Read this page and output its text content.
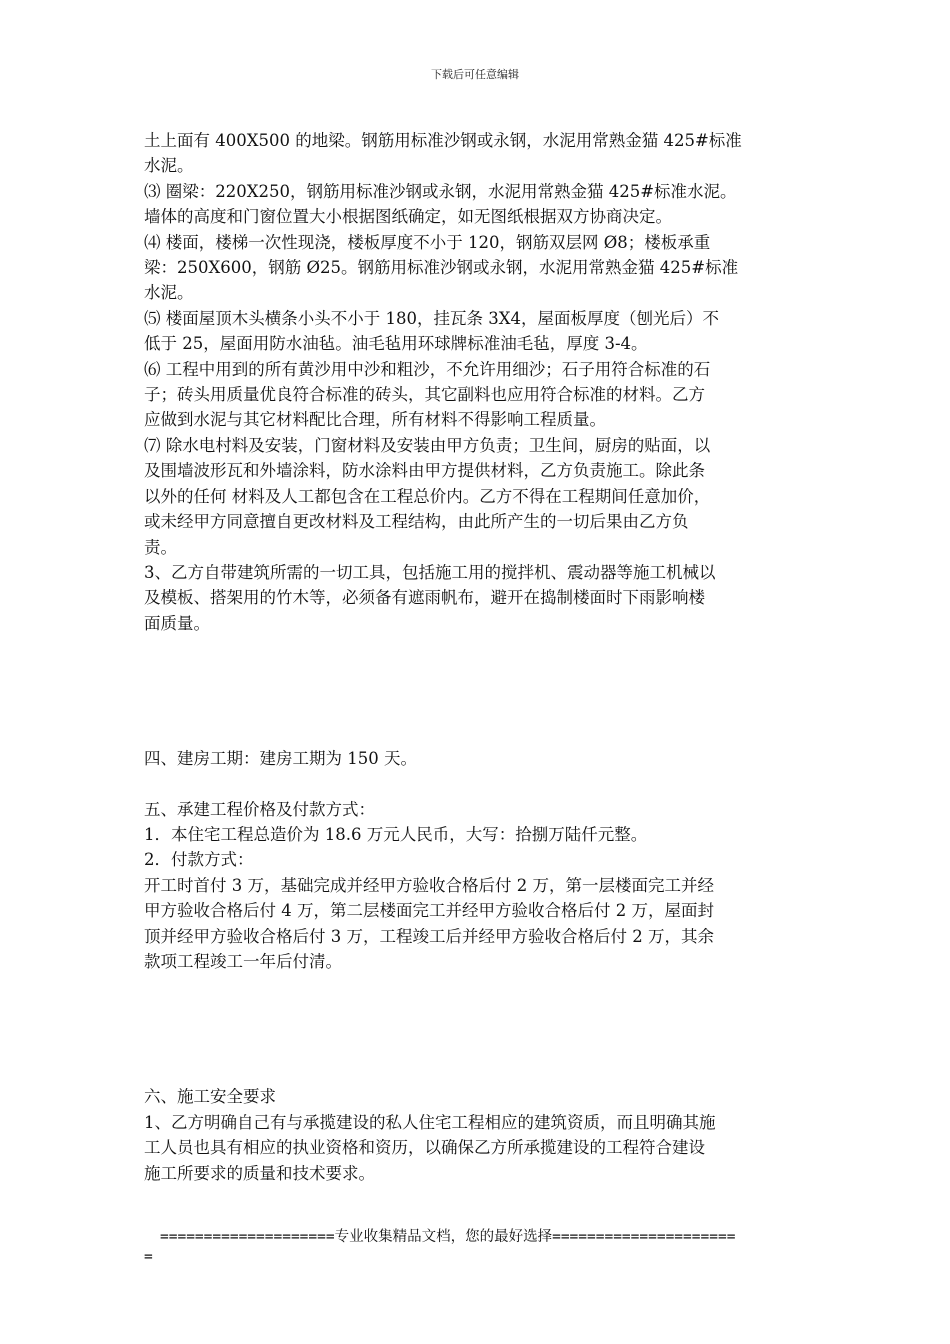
下载后可任意编辑

土上面有 400X500 的地梁。钢筋用标准沙钢或永钢，水泥用常熟金猫 425#标准

水泥。

⑶ 圈梁：220X250，钢筋用标准沙钢或永钢，水泥用常熟金猫 425#标准水泥。

墙体的高度和门窗位置大小根据图纸确定，如无图纸根据双方协商决定。

⑷ 楼面，楼梯一次性现浇，楼板厚度不小于 120，钢筋双层网 Ø8；楼板承重

梁：250X600，钢筋 Ø25。钢筋用标准沙钢或永钢，水泥用常熟金猫 425#标准

水泥。

⑸ 楼面屋顶木头横条小头不小于 180，挂瓦条 3X4，屋面板厚度（刨光后）不

低于 25，屋面用防水油毡。油毛毡用环球牌标准油毛毡，厚度 3-4。

⑹ 工程中用到的所有黄沙用中沙和粗沙，不允许用细沙；石子用符合标准的石

子；砖头用质量优良符合标准的砖头，其它副料也应用符合标准的材料。乙方

应做到水泥与其它材料配比合理，所有材料不得影响工程质量。

⑺ 除水电村料及安装，门窗材料及安装由甲方负责；卫生间，厨房的贴面，以

及围墙波形瓦和外墙涂料，防水涂料由甲方提供材料，乙方负责施工。除此条

以外的任何 材料及人工都包含在工程总价内。乙方不得在工程期间任意加价，

或未经甲方同意擅自更改材料及工程结构，由此所产生的一切后果由乙方负

责。

3、乙方自带建筑所需的一切工具，包括施工用的搅拌机、震动器等施工机械以

及模板、搭架用的竹木等，必须备有遮雨帆布，避开在捣制楼面时下雨影响楼

面质量。

四、建房工期：建房工期为 150 天。

五、承建工程价格及付款方式：

1．本住宅工程总造价为 18.6 万元人民币，大写：拾捌万陆仟元整。

2．付款方式：

开工时首付 3 万，基础完成并经甲方验收合格后付 2 万，第一层楼面完工并经

甲方验收合格后付 4 万，第二层楼面完工并经甲方验收合格后付 2 万，屋面封

顶并经甲方验收合格后付 3 万，工程竣工后并经甲方验收合格后付 2 万，其余

款项工程竣工一年后付清。

六、施工安全要求

1、乙方明确自己有与承揽建设的私人住宅工程相应的建筑资质，而且明确其施

工人员也具有相应的执业资格和资历，以确保乙方所承揽建设的工程符合建设

施工所要求的质量和技术要求。

====================专业收集精品文档，您的最好选择=====================

=
